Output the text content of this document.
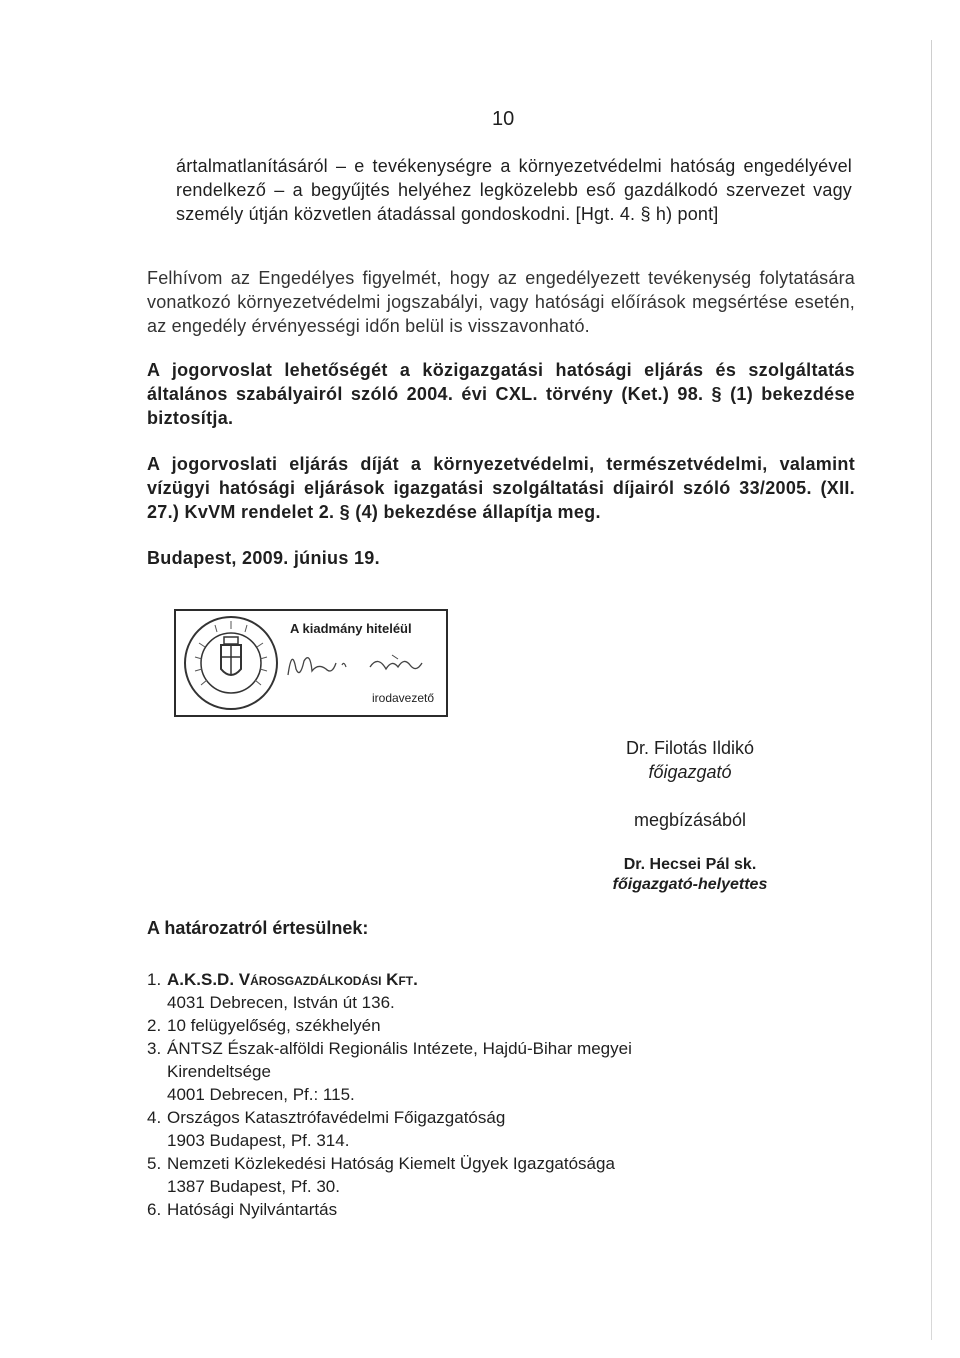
10
ártalmatlanításáról – e tevékenységre a környezetvédelmi hatóság engedélyével rendelkező – a begyűjtés helyéhez legközelebb eső gazdálkodó szervezet vagy személy útján közvetlen átadással gondoskodni. [Hgt. 4. § h) pont]
Felhívom az Engedélyes figyelmét, hogy az engedélyezett tevékenység folytatására vonatkozó környezetvédelmi jogszabályi, vagy hatósági előírások megsértése esetén, az engedély érvényességi időn belül is visszavonható.
A jogorvoslat lehetőségét a közigazgatási hatósági eljárás és szolgáltatás általános szabályairól szóló 2004. évi CXL. törvény (Ket.) 98. § (1) bekezdése biztosítja.
A jogorvoslati eljárás díját a környezetvédelmi, természetvédelmi, valamint vízügyi hatósági eljárások igazgatási szolgáltatási díjairól szóló 33/2005. (XII. 27.) KvVM rendelet 2. § (4) bekezdése állapítja meg.
Budapest, 2009. június 19.
A kiadmány hiteléül
irodavezető
Dr. Filotás Ildikó
főigazgató
megbízásából
Dr. Hecsei Pál sk.
főigazgató-helyettes
A határozatról értesülnek:
1. A.K.S.D. Városgazdálkodási Kft.
4031 Debrecen, István út 136.
2. 10 felügyelőség, székhelyén
3. ÁNTSZ Észak-alföldi Regionális Intézete, Hajdú-Bihar megyei
Kirendeltsége
4001 Debrecen, Pf.: 115.
4. Országos Katasztrófavédelmi Főigazgatóság
1903 Budapest, Pf. 314.
5. Nemzeti Közlekedési Hatóság Kiemelt Ügyek Igazgatósága
1387 Budapest, Pf. 30.
6. Hatósági Nyilvántartás
